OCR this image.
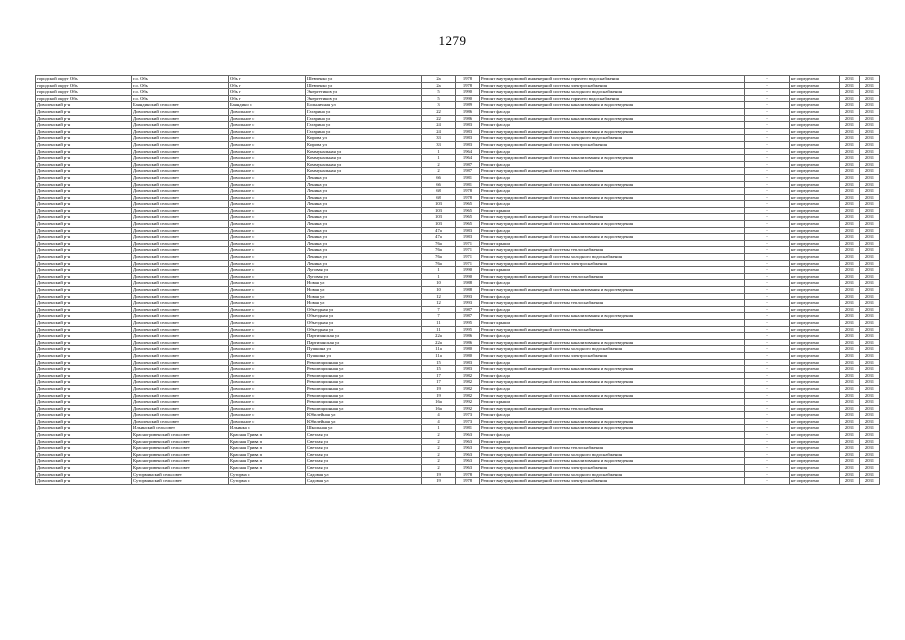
1279
городской округ Обь	г.о. Обь	Обь г	Шевченко ул	2а	1978	Ремонт внутридомовой инженерной системы горячего водоснабжения	-	не определено	2031	2031
городской округ Обь	г.о. Обь	Обь г	Шевченко ул	2а	1978	Ремонт внутридомовой инженерной системы электроснабжения	-	не определено	2031	2031
городской округ Обь	г.о. Обь	Обь г	Энергетиков ул	5	1990	Ремонт внутридомовой инженерной системы холодного водоснабжения	-	не определено	2031	2031
городской округ Обь	г.о. Обь	Обь г	Энергетиков ул	5	1990	Ремонт внутридомовой инженерной системы горячего водоснабжения	-	не определено	2031	2031
Доволенский р-н	Баяндинский сельсовет	Баяндино с	Больничная ул	3	1989	Ремонт внутридомовой инженерной системы канализования и водоотведения	-	не определено	2031	2031
Доволенский р-н	Доволенский сельсовет	Довольное с	Гагарина ул	22	1986	Ремонт фасада	-	не определено	2031	2031
Доволенский р-н	Доволенский сельсовет	Довольное с	Гагарина ул	22	1986	Ремонт внутридомовой инженерной системы канализования и водоотведения	-	не определено	2031	2031
Доволенский р-н	Доволенский сельсовет	Довольное с	Гагарина ул	24	1983	Ремонт фасада	-	не определено	2031	2031
Доволенский р-н	Доволенский сельсовет	Довольное с	Гагарина ул	24	1983	Ремонт внутридомовой инженерной системы канализования и водоотведения	-	не определено	2031	2031
Доволенский р-н	Доволенский сельсовет	Довольное с	Кирова ул	33	1983	Ремонт внутридомовой инженерной системы холодного водоснабжения	-	не определено	2031	2031
Доволенский р-н	Доволенский сельсовет	Довольное с	Кирова ул	33	1983	Ремонт внутридомовой инженерной системы электроснабжения	-	не определено	2031	2031
Доволенский р-н	Доволенский сельсовет	Довольное с	Коммунальная ул	1	1964	Ремонт фасада	-	не определено	2031	2031
Доволенский р-н	Доволенский сельсовет	Довольное с	Коммунальная ул	1	1964	Ремонт внутридомовой инженерной системы канализования и водоотведения	-	не определено	2031	2031
Доволенский р-н	Доволенский сельсовет	Довольное с	Коммунальная ул	2	1987	Ремонт фасада	-	не определено	2031	2031
Доволенский р-н	Доволенский сельсовет	Довольное с	Коммунальная ул	2	1987	Ремонт внутридомовой инженерной системы теплоснабжения	-	не определено	2031	2031
Доволенский р-н	Доволенский сельсовет	Довольное с	Ленина ул	66	1981	Ремонт фасада	-	не определено	2031	2031
Доволенский р-н	Доволенский сельсовет	Довольное с	Ленина ул	66	1981	Ремонт внутридомовой инженерной системы канализования и водоотведения	-	не определено	2031	2031
Доволенский р-н	Доволенский сельсовет	Довольное с	Ленина ул	68	1978	Ремонт фасада	-	не определено	2031	2031
Доволенский р-н	Доволенский сельсовет	Довольное с	Ленина ул	68	1978	Ремонт внутридомовой инженерной системы канализования и водоотведения	-	не определено	2031	2031
Доволенский р-н	Доволенский сельсовет	Довольное с	Ленина ул	103	1965	Ремонт фасада	-	не определено	2031	2031
Доволенский р-н	Доволенский сельсовет	Довольное с	Ленина ул	103	1965	Ремонт крыши	-	не определено	2031	2031
Доволенский р-н	Доволенский сельсовет	Довольное с	Ленина ул	103	1965	Ремонт внутридомовой инженерной системы теплоснабжения	-	не определено	2031	2031
Доволенский р-н	Доволенский сельсовет	Довольное с	Ленина ул	103	1965	Ремонт внутридомовой инженерной системы канализования и водоотведения	-	не определено	2031	2031
Доволенский р-н	Доволенский сельсовет	Довольное с	Ленина ул	47а	1983	Ремонт фасада	-	не определено	2031	2031
Доволенский р-н	Доволенский сельсовет	Довольное с	Ленина ул	47а	1983	Ремонт внутридомовой инженерной системы канализования и водоотведения	-	не определено	2031	2031
Доволенский р-н	Доволенский сельсовет	Довольное с	Ленина ул	76а	1971	Ремонт крыши	-	не определено	2031	2031
Доволенский р-н	Доволенский сельсовет	Довольное с	Ленина ул	76а	1971	Ремонт внутридомовой инженерной системы теплоснабжения	-	не определено	2031	2031
Доволенский р-н	Доволенский сельсовет	Довольное с	Ленина ул	76а	1971	Ремонт внутридомовой инженерной системы холодного водоснабжения	-	не определено	2031	2031
Доволенский р-н	Доволенский сельсовет	Довольное с	Ленина ул	76а	1971	Ремонт внутридомовой инженерной системы электроснабжения	-	не определено	2031	2031
Доволенский р-н	Доволенский сельсовет	Довольное с	Луговая ул	1	1990	Ремонт крыши	-	не определено	2031	2031
Доволенский р-н	Доволенский сельсовет	Довольное с	Луговая ул	1	1990	Ремонт внутридомовой инженерной системы теплоснабжения	-	не определено	2031	2031
Доволенский р-н	Доволенский сельсовет	Довольное с	Новая ул	10	1988	Ремонт фасада	-	не определено	2031	2031
Доволенский р-н	Доволенский сельсовет	Довольное с	Новая ул	10	1988	Ремонт внутридомовой инженерной системы канализования и водоотведения	-	не определено	2031	2031
Доволенский р-н	Доволенский сельсовет	Довольное с	Новая ул	12	1993	Ремонт фасада	-	не определено	2031	2031
Доволенский р-н	Доволенский сельсовет	Довольное с	Новая ул	12	1993	Ремонт внутридомовой инженерной системы теплоснабжения	-	не определено	2031	2031
Доволенский р-н	Доволенский сельсовет	Довольное с	Объездная ул	7	1987	Ремонт фасада	-	не определено	2031	2031
Доволенский р-н	Доволенский сельсовет	Довольное с	Объездная ул	7	1987	Ремонт внутридомовой инженерной системы канализования и водоотведения	-	не определено	2031	2031
Доволенский р-н	Доволенский сельсовет	Довольное с	Объездная ул	11	1995	Ремонт крыши	-	не определено	2031	2031
Доволенский р-н	Доволенский сельсовет	Довольное с	Объездная ул	11	1995	Ремонт внутридомовой инженерной системы теплоснабжения	-	не определено	2031	2031
Доволенский р-н	Доволенский сельсовет	Довольное с	Партизанская ул	22а	1986	Ремонт фасада	-	не определено	2031	2031
Доволенский р-н	Доволенский сельсовет	Довольное с	Партизанская ул	22а	1986	Ремонт внутридомовой инженерной системы канализования и водоотведения	-	не определено	2031	2031
Доволенский р-н	Доволенский сельсовет	Довольное с	Пушкина ул	11а	1980	Ремонт внутридомовой инженерной системы холодного водоснабжения	-	не определено	2031	2031
Доволенский р-н	Доволенский сельсовет	Довольное с	Пушкина ул	11а	1980	Ремонт внутридомовой инженерной системы электроснабжения	-	не определено	2031	2031
Доволенский р-н	Доволенский сельсовет	Довольное с	Революционная ул	15	1983	Ремонт фасада	-	не определено	2031	2031
Доволенский р-н	Доволенский сельсовет	Довольное с	Революционная ул	15	1983	Ремонт внутридомовой инженерной системы канализования и водоотведения	-	не определено	2031	2031
Доволенский р-н	Доволенский сельсовет	Довольное с	Революционная ул	17	1982	Ремонт фасада	-	не определено	2031	2031
Доволенский р-н	Доволенский сельсовет	Довольное с	Революционная ул	17	1982	Ремонт внутридомовой инженерной системы канализования и водоотведения	-	не определено	2031	2031
Доволенский р-н	Доволенский сельсовет	Довольное с	Революционная ул	19	1982	Ремонт фасада	-	не определено	2031	2031
Доволенский р-н	Доволенский сельсовет	Довольное с	Революционная ул	19	1982	Ремонт внутридомовой инженерной системы канализования и водоотведения	-	не определено	2031	2031
Доволенский р-н	Доволенский сельсовет	Довольное с	Революционная ул	16а	1992	Ремонт крыши	-	не определено	2031	2031
Доволенский р-н	Доволенский сельсовет	Довольное с	Революционная ул	16а	1992	Ремонт внутридомовой инженерной системы теплоснабжения	-	не определено	2031	2031
Доволенский р-н	Доволенский сельсовет	Довольное с	Юбилейная ул	4	1973	Ремонт фасада	-	не определено	2031	2031
Доволенский р-н	Доволенский сельсовет	Довольное с	Юбилейная ул	4	1973	Ремонт внутридомовой инженерной системы канализования и водоотведения	-	не определено	2031	2031
Доволенский р-н	Ильинский сельсовет	Ильинка с	Школьная ул	1	1981	Ремонт внутридомовой инженерной системы канализования и водоотведения	-	не определено	2031	2031
Доволенский р-н	Красногривенский сельсовет	Красная Грива п	Светлая ул	2	1963	Ремонт фасада	-	не определено	2031	2031
Доволенский р-н	Красногривенский сельсовет	Красная Грива п	Светлая ул	2	1963	Ремонт крыши	-	не определено	2031	2031
Доволенский р-н	Красногривенский сельсовет	Красная Грива п	Светлая ул	2	1963	Ремонт внутридомовой инженерной системы теплоснабжения	-	не определено	2031	2031
Доволенский р-н	Красногривенский сельсовет	Красная Грива п	Светлая ул	2	1963	Ремонт внутридомовой инженерной системы холодного водоснабжения	-	не определено	2031	2031
Доволенский р-н	Красногривенский сельсовет	Красная Грива п	Светлая ул	2	1963	Ремонт внутридомовой инженерной системы канализования и водоотведения	-	не определено	2031	2031
Доволенский р-н	Красногривенский сельсовет	Красная Грива п	Светлая ул	2	1963	Ремонт внутридомовой инженерной системы электроснабжения	-	не определено	2031	2031
Доволенский р-н	Суторминский сельсовет	Суторма с	Садовая ул	19	1978	Ремонт внутридомовой инженерной системы холодного водоснабжения	-	не определено	2031	2031
Доволенский р-н	Суторминский сельсовет	Суторма с	Садовая ул	19	1978	Ремонт внутридомовой инженерной системы электроснабжения	-	не определено	2031	2031
